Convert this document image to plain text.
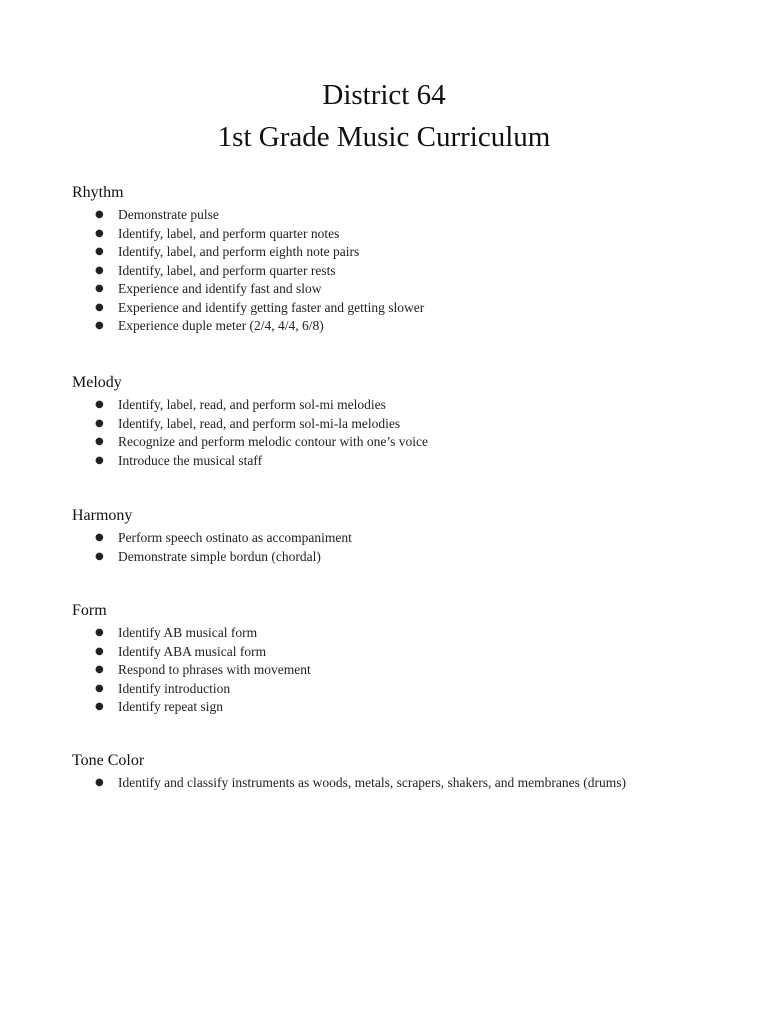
District 64
1st Grade Music Curriculum
Rhythm
● Demonstrate pulse
● Identify, label, and perform quarter notes
● Identify, label, and perform eighth note pairs
● Identify, label, and perform quarter rests
● Experience and identify fast and slow
● Experience and identify getting faster and getting slower
● Experience duple meter (2/4, 4/4, 6/8)
Melody
● Identify, label, read, and perform sol-mi melodies
● Identify, label, read, and perform sol-mi-la melodies
● Recognize and perform melodic contour with one’s voice
● Introduce the musical staff
Harmony
● Perform speech ostinato as accompaniment
● Demonstrate simple bordun (chordal)
Form
● Identify AB musical form
● Identify ABA musical form
● Respond to phrases with movement
● Identify introduction
● Identify repeat sign
Tone Color
● Identify and classify instruments as woods, metals, scrapers, shakers, and membranes (drums)
